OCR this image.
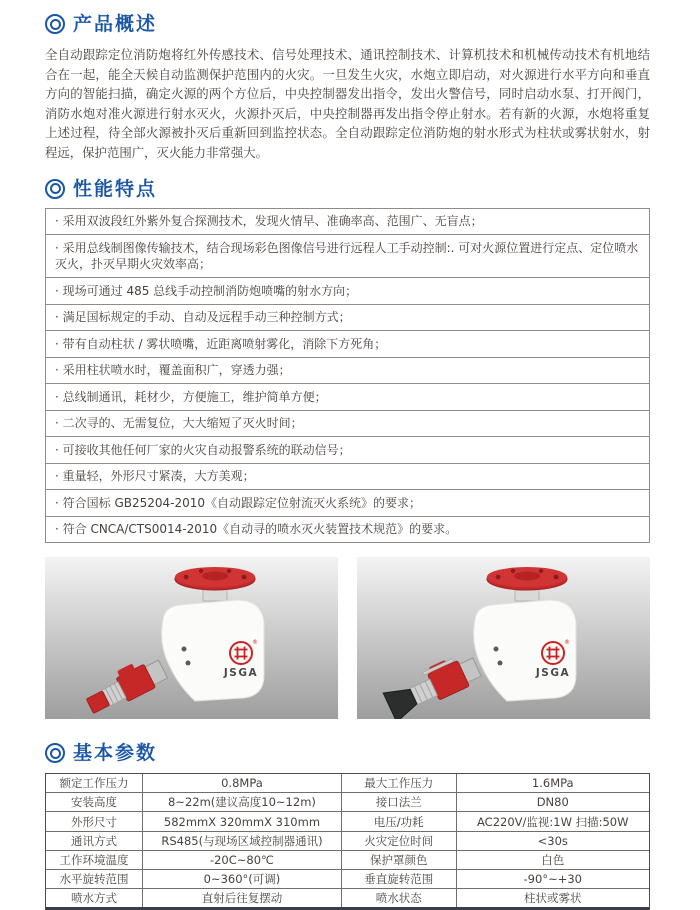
产品概述
全自动跟踪定位消防炮将红外传感技术、信号处理技术、通讯控制技术、计算机技术和机械传动技术有机地结合在一起，能全天候自动监测保护范围内的火灾。一旦发生火灾，水炮立即启动，对火源进行水平方向和垂直方向的智能扫描，确定火源的两个方位后，中央控制器发出指令，发出火警信号，同时启动水泵、打开阀门，消防水炮对准火源进行射水灭火，火源扑灭后，中央控制器再发出指令停止射水。若有新的火源，水炮将重复上述过程，待全部火源被扑灭后重新回到监控状态。全自动跟踪定位消防炮的射水形式为柱状或雾状射水，射程远，保护范围广，灭火能力非常强大。
性能特点
· 采用双波段红外紫外复合探测技术，发现火情早、准确率高、范围广、无盲点；
· 采用总线制图像传输技术，结合现场彩色图像信号进行远程人工手动控制:. 可对火源位置进行定点、定位喷水灭火，扑灭早期火灾效率高；
· 现场可通过 485 总线手动控制消防炮喷嘴的射水方向；
· 满足国标规定的手动、自动及远程手动三种控制方式；
· 带有自动柱状 / 雾状喷嘴，近距离喷射雾化，消除下方死角；
· 采用柱状喷水时，覆盖面积广，穿透力强；
· 总线制通讯，耗材少，方便施工，维护简单方便；
· 二次寻的、无需复位，大大缩短了灭火时间；
· 可接收其他任何厂家的火灾自动报警系统的联动信号；
· 重量轻，外形尺寸紧凑，大方美观；
· 符合国标 GB25204-2010《自动跟踪定位射流灭火系统》的要求；
· 符合 CNCA/CTS0014-2010《自动寻的喷水灭火装置技术规范》的要求。
®
JSGA
®
JSGA
基本参数
额定工作压力	0.8MPa	最大工作压力	1.6MPa
安装高度	8~22m(建议高度10~12m)	接口法兰	DN80
外形尺寸	582mmX 320mmX 310mm	电压/功耗	AC220V/监视:1W 扫描:50W
通讯方式	RS485(与现场区域控制器通讯)	火灾定位时间	<30s
工作环境温度	-20C~80℃	保护罩颜色	白色
水平旋转范围	0~360°(可调)	垂直旋转范围	-90°~+30
喷水方式	直射后往复摆动	喷水状态	柱状或雾状
